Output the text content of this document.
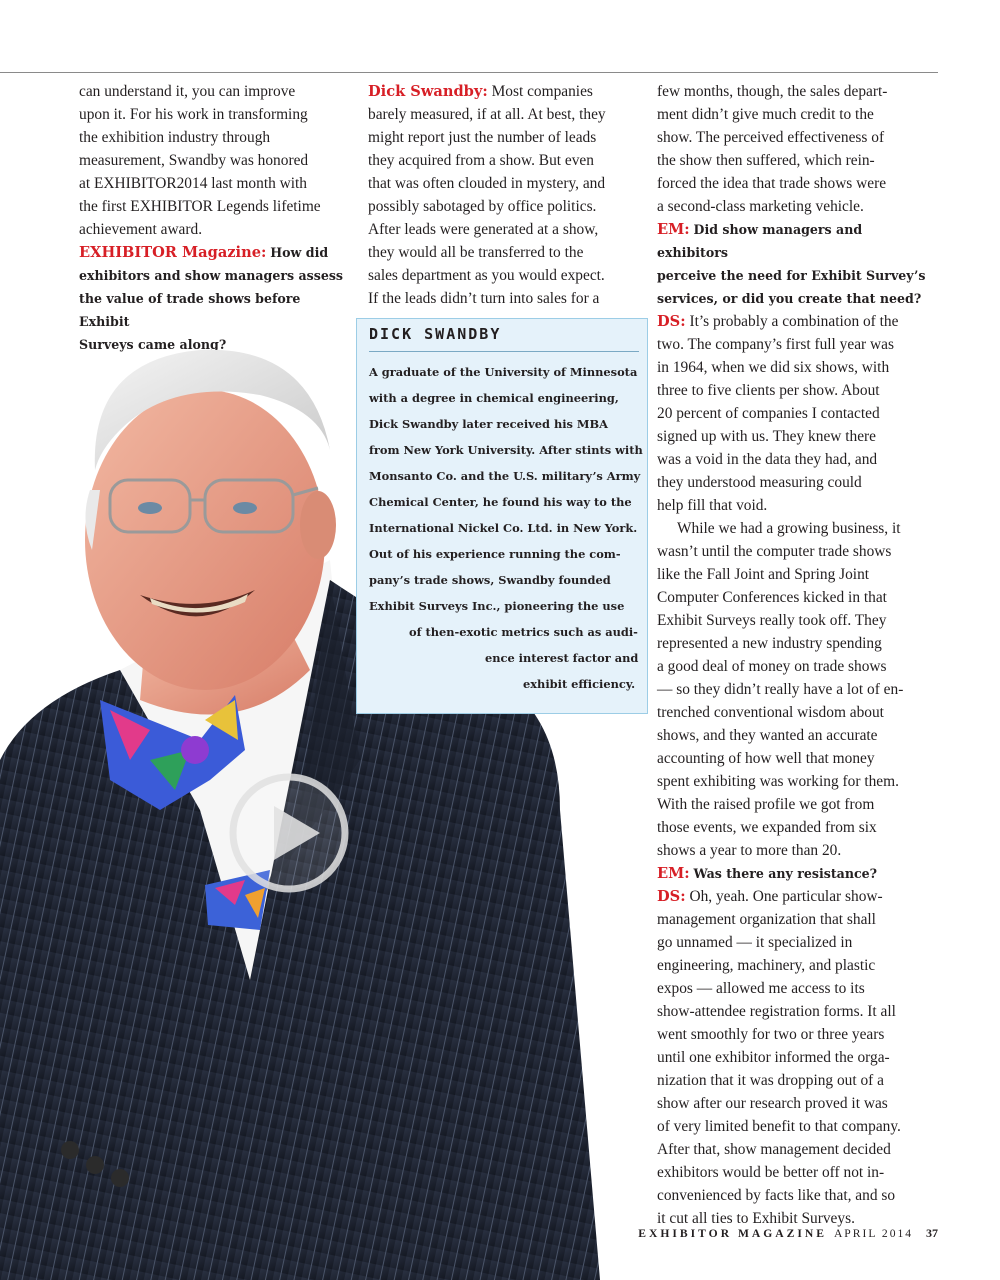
can understand it, you can improve

upon it. For his work in transforming

the exhibition industry through

measurement, Swandby was honored

at EXHIBITOR2014 last month with

the first EXHIBITOR Legends lifetime

achievement award.

EXHIBITOR Magazine: How did

exhibitors and show managers assess

the value of trade shows before Exhibit

Surveys came along?

Dick Swandby: Most companies

barely measured, if at all. At best, they

might report just the number of leads

they acquired from a show. But even

that was often clouded in mystery, and

possibly sabotaged by office politics.

After leads were generated at a show,

they would all be transferred to the

sales department as you would expect.

If the leads didn’t turn into sales for a

DICK SWANDBY
A graduate of the University of Minnesota
with a degree in chemical engineering,
Dick Swandby later received his MBA
from New York University. After stints with
Monsanto Co. and the U.S. military’s Army
Chemical Center, he found his way to the
International Nickel Co. Ltd. in New York.
Out of his experience running the com-
pany’s trade shows, Swandby founded
Exhibit Surveys Inc., pioneering the use
of then-exotic metrics such as audi-
ence interest factor and
exhibit efficiency.

few months, though, the sales depart-

ment didn’t give much credit to the

show. The perceived effectiveness of

the show then suffered, which rein-

forced the idea that trade shows were

a second-class marketing vehicle.

EM: Did show managers and exhibitors

perceive the need for Exhibit Survey’s

services, or did you create that need?

DS: It’s probably a combination of the

two. The company’s first full year was

in 1964, when we did six shows, with

three to five clients per show. About

20 percent of companies I contacted

signed up with us. They knew there

was a void in the data they had, and

they understood measuring could

help fill that void.

While we had a growing business, it

wasn’t until the computer trade shows

like the Fall Joint and Spring Joint

Computer Conferences kicked in that

Exhibit Surveys really took off. They

represented a new industry spending

a good deal of money on trade shows

— so they didn’t really have a lot of en-

trenched conventional wisdom about

shows, and they wanted an accurate

accounting of how well that money

spent exhibiting was working for them.

With the raised profile we got from

those events, we expanded from six

shows a year to more than 20.

EM: Was there any resistance?

DS: Oh, yeah. One particular show-

management organization that shall

go unnamed — it specialized in

engineering, machinery, and plastic

expos — allowed me access to its

show-attendee registration forms. It all

went smoothly for two or three years

until one exhibitor informed the orga-

nization that it was dropping out of a

show after our research proved it was

of very limited benefit to that company.

After that, show management decided

exhibitors would be better off not in-

convenienced by facts like that, and so

it cut all ties to Exhibit Surveys.

EXHIBITOR MAGAZINE APRIL 2014 37
